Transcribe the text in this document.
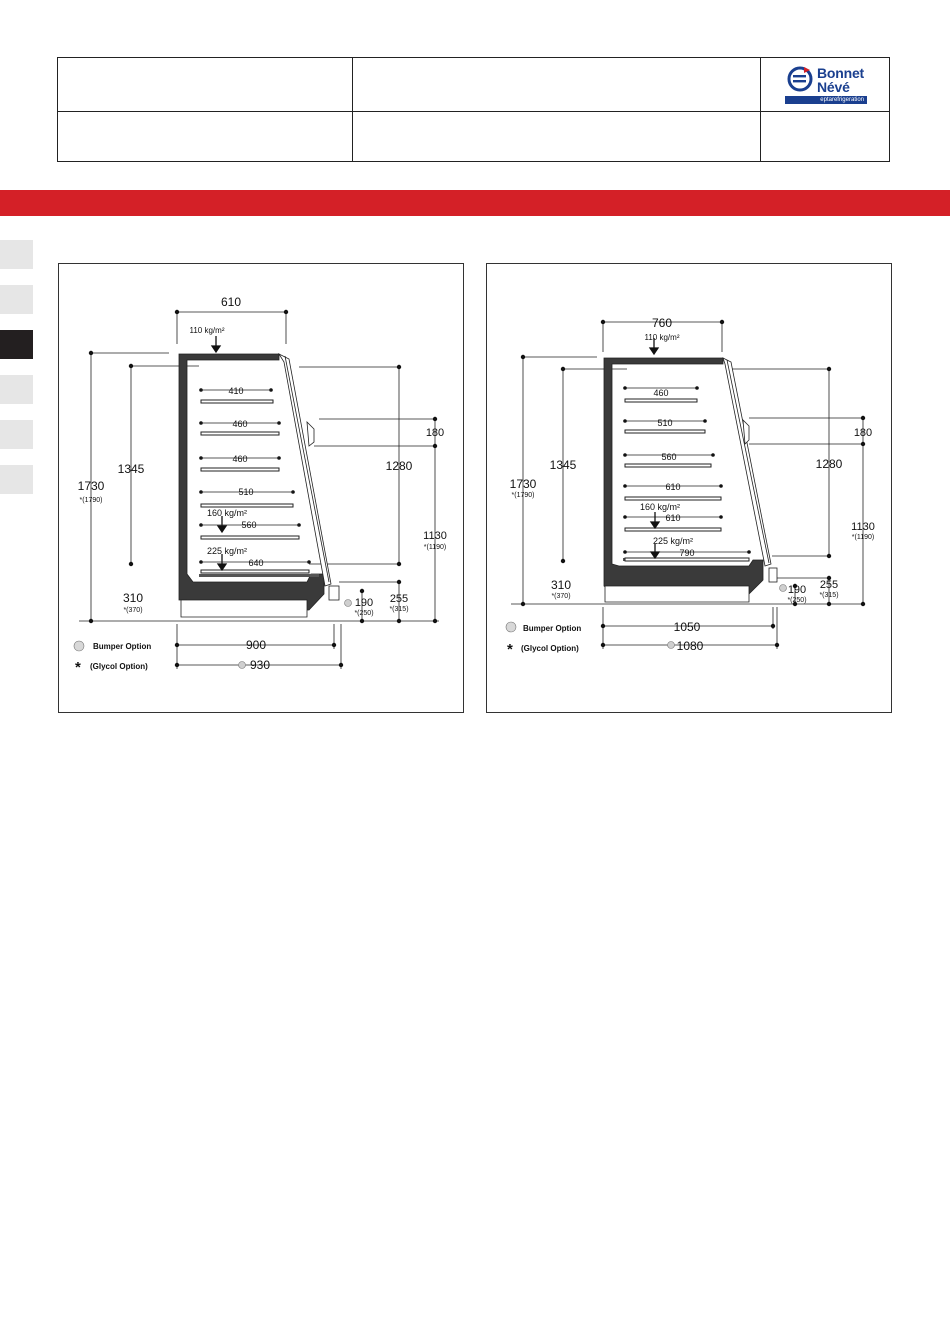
Bonnet
Névé
eptarefrigeration
610
110 kg/m²
1730
*(1790)
1345
310
*(370)
410
460
460
510
560
640
160 kg/m²
225 kg/m²
1280
180
1130
*(1190)
190
*(250)
255
*(315)
900
930
Bumper Option
* (Glycol Option)
760
110 kg/m²
1730
*(1790)
1345
310
*(370)
460
510
560
610
610
790
160 kg/m²
225 kg/m²
1280
180
1130
*(1190)
190
*(250)
255
*(315)
1050
1080
Bumper Option
* (Glycol Option)
